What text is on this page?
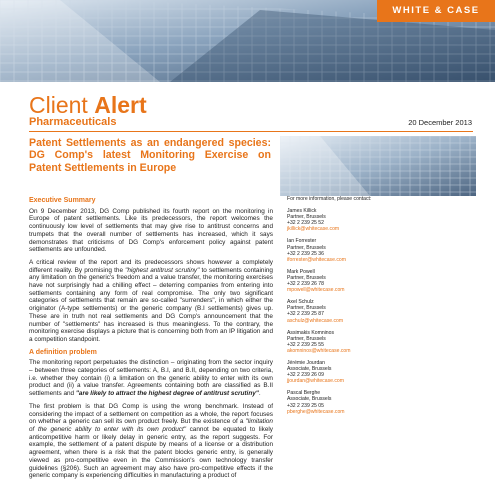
WHITE & CASE
Client Alert
Pharmaceuticals	20 December 2013
Patent Settlements as an endangered species: DG Comp's latest Monitoring Exercise on Patent Settlements in Europe
Executive Summary

On 9 December 2013, DG Comp published its fourth report on the monitoring in Europe of patent settlements. Like its predecessors, the report welcomes the continuously low level of settlements that may give rise to antitrust concerns and trumpets that the overall number of settlements has increased, which it says demonstrates that criticisms of DG Comp's enforcement policy against patent settlements are unfounded.

A critical review of the report and its predecessors shows however a completely different reality. By promising the "highest antitrust scrutiny" to settlements containing any limitation on the generic's freedom and a value transfer, the monitoring exercises have not surprisingly had a chilling effect – deterring companies from entering into settlements containing any form of real compromise. The only two significant categories of settlements that remain are so-called "surrenders", in which either the originator (A-type settlements) or the generic company (B.I settlements) gives up. These are in truth not real settlements and DG Comp's announcement that the number of "settlements" has increased is thus meaningless. To the contrary, the monitoring exercise displays a picture that is concerning both from an IP litigation and a competition standpoint.

A definition problem

The monitoring report perpetuates the distinction – originating from the sector inquiry – between three categories of settlements: A, B.I, and B.II, depending on two criteria, i.e. whether they contain (i) a limitation on the generic ability to enter with its own product and (ii) a value transfer. Agreements containing both are classified as B.II settlements and "are likely to attract the highest degree of antitrust scrutiny".

The first problem is that DG Comp is using the wrong benchmark. Instead of considering the impact of a settlement on competition as a whole, the report focuses on whether a generic can sell its own product freely. But the existence of a "limitation of the generic ability to enter with its own product" cannot be equated to likely anticompetitive harm or likely delay in generic entry, as the report suggests. For example, the settlement of a patent dispute by means of a license or a distribution agreement, when there is a risk that the patent blocks generic entry, is generally viewed as pro-competitive even in the Commission's own technology transfer guidelines (§206). Such an agreement may also have pro-competitive effects if the generic company is experiencing difficulties in manufacturing a product of

For more information, please contact:
James Killick
Partner, Brussels
+32 2 239 25 52
jkillick@whitecase.com
Ian Forrester
Partner, Brussels
+32 2 239 25 36
iforrester@whitecase.com
Mark Powell
Partner, Brussels
+32 2 239 26 78
mpowell@whitecase.com
Axel Schulz
Partner, Brussels
+32 2 239 25 87
aschulz@whitecase.com
Assimakis Komninos
Partner, Brussels
+32 2 239 25 55
akomninos@whitecase.com
Jérémie Jourdan
Associate, Brussels
+32 2 239 26 09
jjourdan@whitecase.com
Pascal Berghe
Associate, Brussels
+32 2 239 25 05
pberghe@whitecase.com
